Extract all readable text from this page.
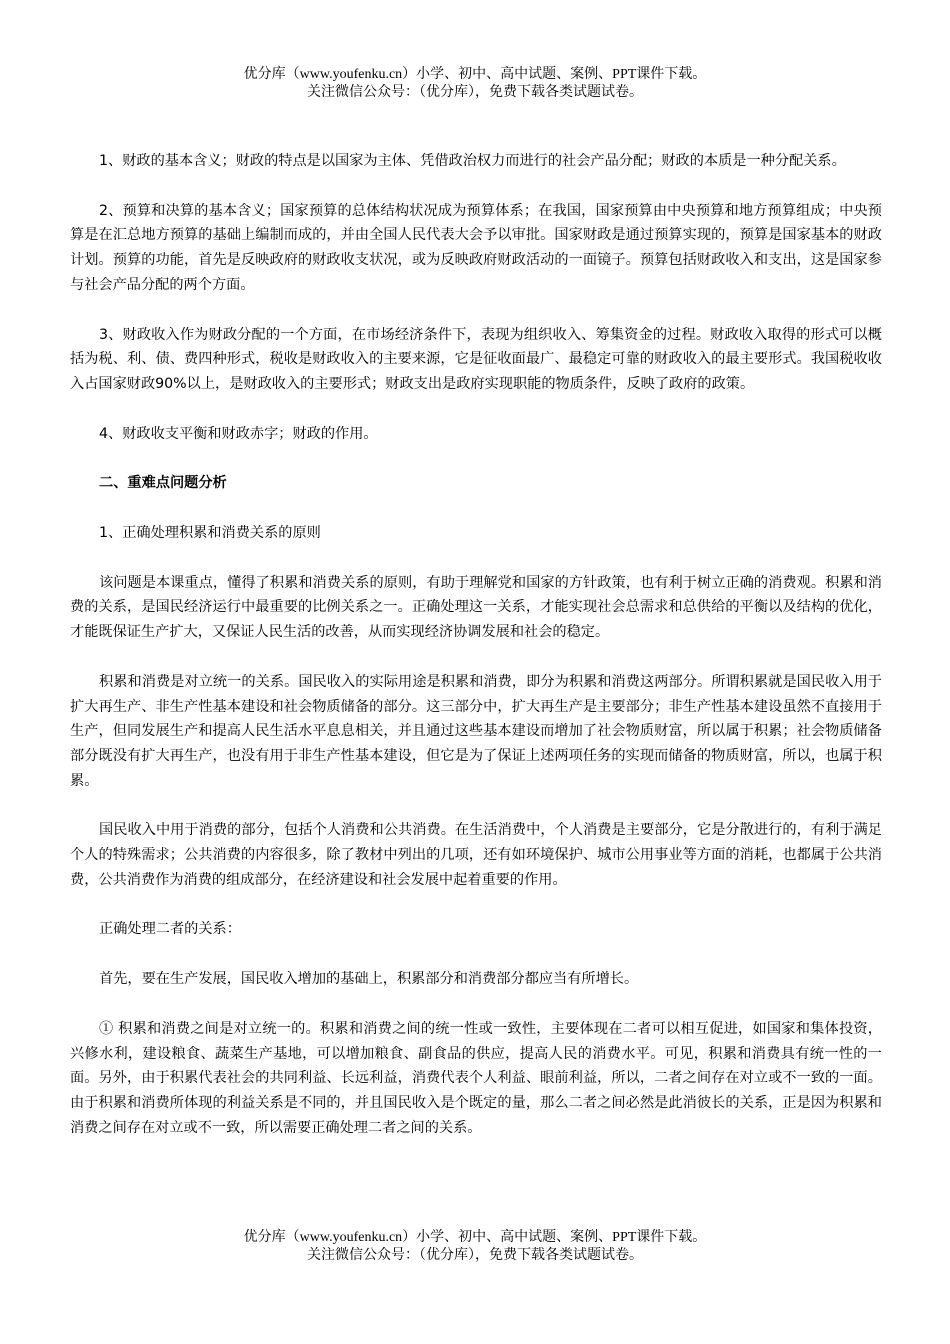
优分库（www.youfenku.cn）小学、初中、高中试题、案例、PPT课件下载。
关注微信公众号：（优分库），免费下载各类试题试卷。

1、财政的基本含义；财政的特点是以国家为主体、凭借政治权力而进行的社会产品分配；财政的本质是一种分配关系。

2、预算和决算的基本含义；国家预算的总体结构状况成为预算体系；在我国，国家预算由中央预算和地方预算组成；中央预算是在汇总地方预算的基础上编制而成的，并由全国人民代表大会予以审批。国家财政是通过预算实现的，预算是国家基本的财政计划。预算的功能，首先是反映政府的财政收支状况，或为反映政府财政活动的一面镜子。预算包括财政收入和支出，这是国家参与社会产品分配的两个方面。

3、财政收入作为财政分配的一个方面，在市场经济条件下，表现为组织收入、筹集资金的过程。财政收入取得的形式可以概括为税、利、债、费四种形式，税收是财政收入的主要来源，它是征收面最广、最稳定可靠的财政收入的最主要形式。我国税收收入占国家财政90%以上，是财政收入的主要形式；财政支出是政府实现职能的物质条件，反映了政府的政策。

4、财政收支平衡和财政赤字；财政的作用。

二、重难点问题分析

1、正确处理积累和消费关系的原则

该问题是本课重点，懂得了积累和消费关系的原则，有助于理解党和国家的方针政策，也有利于树立正确的消费观。积累和消费的关系，是国民经济运行中最重要的比例关系之一。正确处理这一关系，才能实现社会总需求和总供给的平衡以及结构的优化，才能既保证生产扩大，又保证人民生活的改善，从而实现经济协调发展和社会的稳定。

积累和消费是对立统一的关系。国民收入的实际用途是积累和消费，即分为积累和消费这两部分。所谓积累就是国民收入用于扩大再生产、非生产性基本建设和社会物质储备的部分。这三部分中，扩大再生产是主要部分；非生产性基本建设虽然不直接用于生产，但同发展生产和提高人民生活水平息息相关，并且通过这些基本建设而增加了社会物质财富，所以属于积累；社会物质储备部分既没有扩大再生产，也没有用于非生产性基本建设，但它是为了保证上述两项任务的实现而储备的物质财富，所以，也属于积累。

国民收入中用于消费的部分，包括个人消费和公共消费。在生活消费中，个人消费是主要部分，它是分散进行的，有利于满足个人的特殊需求；公共消费的内容很多，除了教材中列出的几项，还有如环境保护、城市公用事业等方面的消耗，也都属于公共消费，公共消费作为消费的组成部分，在经济建设和社会发展中起着重要的作用。

正确处理二者的关系：

首先，要在生产发展，国民收入增加的基础上，积累部分和消费部分都应当有所增长。

① 积累和消费之间是对立统一的。积累和消费之间的统一性或一致性，主要体现在二者可以相互促进，如国家和集体投资，兴修水利，建设粮食、蔬菜生产基地，可以增加粮食、副食品的供应，提高人民的消费水平。可见，积累和消费具有统一性的一面。另外，由于积累代表社会的共同利益、长远利益，消费代表个人利益、眼前利益，所以，二者之间存在对立或不一致的一面。由于积累和消费所体现的利益关系是不同的，并且国民收入是个既定的量，那么二者之间必然是此消彼长的关系，正是因为积累和消费之间存在对立或不一致，所以需要正确处理二者之间的关系。

优分库（www.youfenku.cn）小学、初中、高中试题、案例、PPT课件下载。
关注微信公众号：（优分库），免费下载各类试题试卷。
